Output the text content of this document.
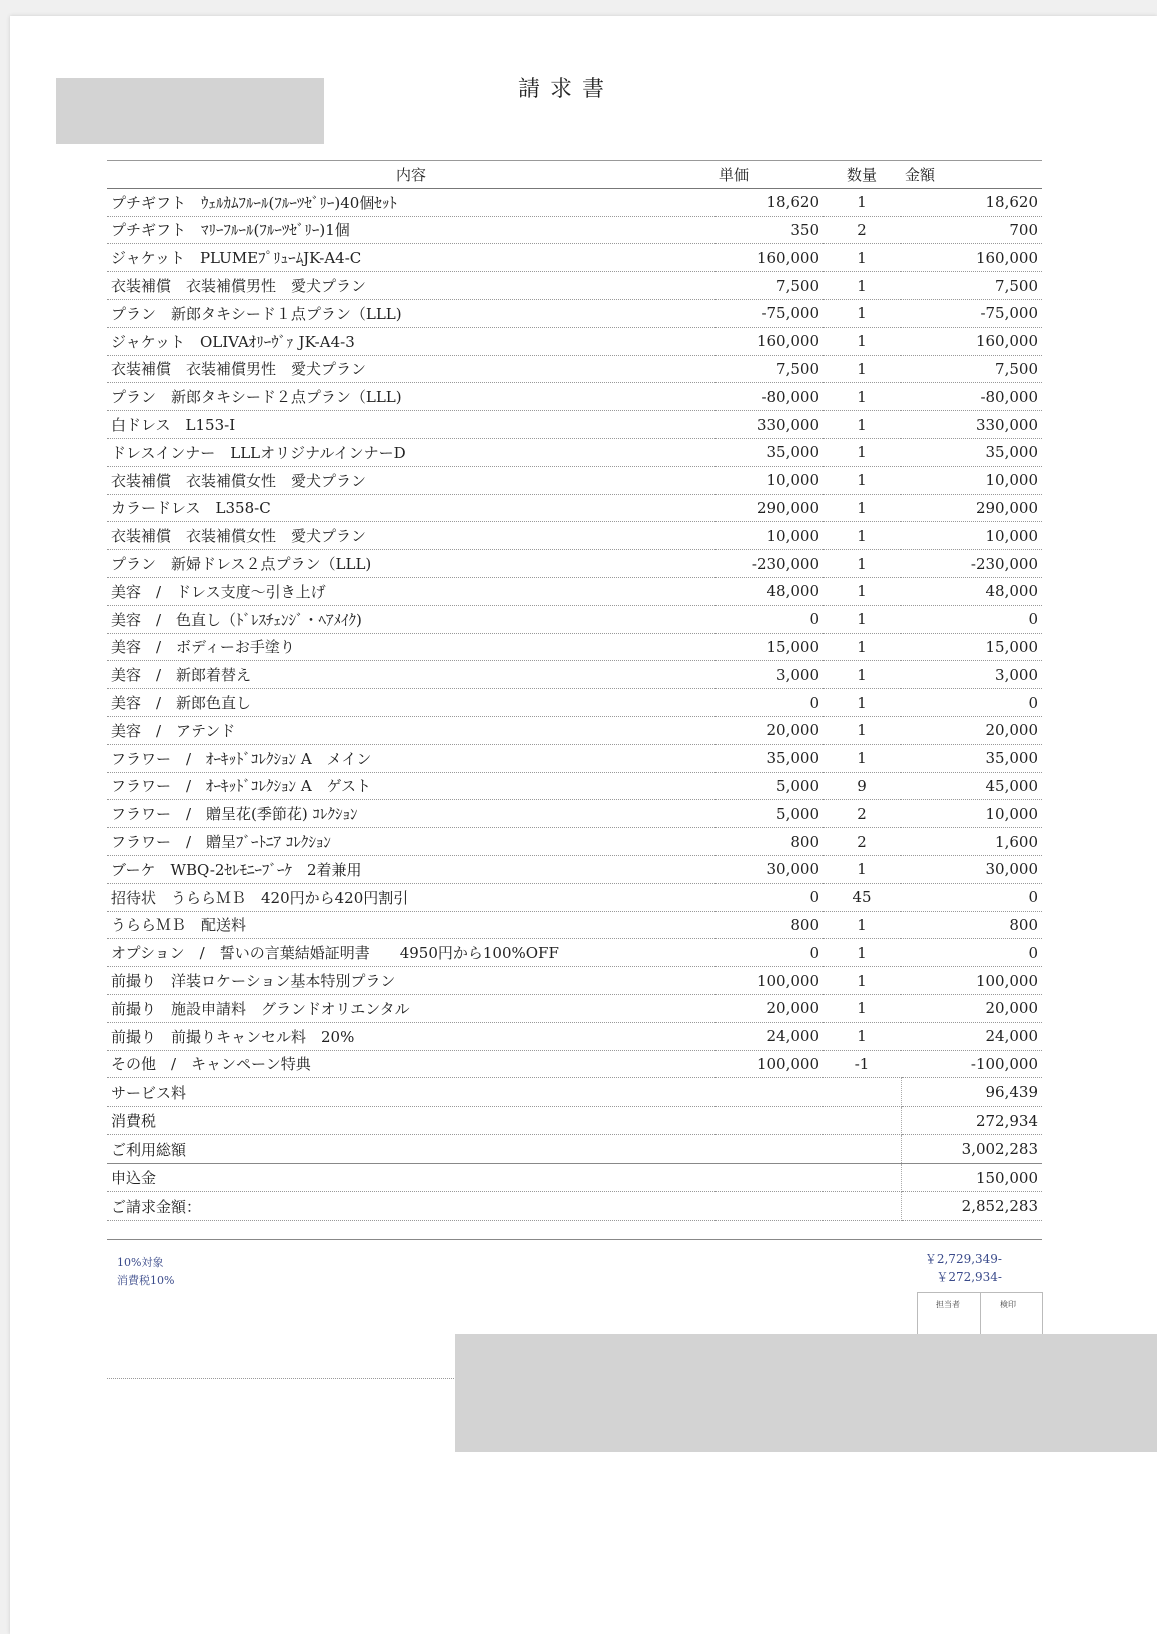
請求書
内容	単価	数量	金額
プチギフト　ｳｪﾙｶﾑﾌﾙｰﾙ(ﾌﾙｰﾂｾﾞﾘｰ)40個ｾｯﾄ	18,620	1	18,620
プチギフト　ﾏﾘｰﾌﾙｰﾙ(ﾌﾙｰﾂｾﾞﾘｰ)1個	350	2	700
ジャケット　PLUMEﾌﾟﾘｭｰﾑJK-A4-C	160,000	1	160,000
衣装補償　衣装補償男性　愛犬プラン	7,500	1	7,500
プラン　新郎タキシード１点プラン（LLL)	-75,000	1	-75,000
ジャケット　OLIVAｵﾘｰｳﾞｧ JK-A4-3	160,000	1	160,000
衣装補償　衣装補償男性　愛犬プラン	7,500	1	7,500
プラン　新郎タキシード２点プラン（LLL)	-80,000	1	-80,000
白ドレス　L153-I	330,000	1	330,000
ドレスインナー　LLLオリジナルインナーD	35,000	1	35,000
衣装補償　衣装補償女性　愛犬プラン	10,000	1	10,000
カラードレス　L358-C	290,000	1	290,000
衣装補償　衣装補償女性　愛犬プラン	10,000	1	10,000
プラン　新婦ドレス２点プラン（LLL)	-230,000	1	-230,000
美容　/　ドレス支度～引き上げ	48,000	1	48,000
美容　/　色直し（ﾄﾞﾚｽﾁｪﾝｼﾞ・ﾍｱﾒｲｸ)	0	1	0
美容　/　ボディーお手塗り	15,000	1	15,000
美容　/　新郎着替え	3,000	1	3,000
美容　/　新郎色直し	0	1	0
美容　/　アテンド	20,000	1	20,000
フラワー　/　ｵｰｷｯﾄﾞｺﾚｸｼｮﾝ A　メイン	35,000	1	35,000
フラワー　/　ｵｰｷｯﾄﾞｺﾚｸｼｮﾝ A　ゲスト	5,000	9	45,000
フラワー　/　贈呈花(季節花) ｺﾚｸｼｮﾝ	5,000	2	10,000
フラワー　/　贈呈ﾌﾞｰﾄﾆｱ ｺﾚｸｼｮﾝ	800	2	1,600
ブーケ　WBQ-2ｾﾚﾓﾆｰﾌﾞｰｹ　2着兼用	30,000	1	30,000
招待状　うららＭＢ　420円から420円割引	0	45	0
うららＭＢ　配送料	800	1	800
オプション　/　誓いの言葉結婚証明書　　4950円から100%OFF	0	1	0
前撮り　洋装ロケーション基本特別プラン	100,000	1	100,000
前撮り　施設申請料　グランドオリエンタル	20,000	1	20,000
前撮り　前撮りキャンセル料　20%	24,000	1	24,000
その他　/　キャンペーン特典	100,000	-1	-100,000
サービス料			96,439
消費税			272,934
ご利用総額			3,002,283
申込金			150,000
ご請求金額：			2,852,283
10%対象
消費税10%
￥2,729,349-
￥272,934-
担当者	検印
